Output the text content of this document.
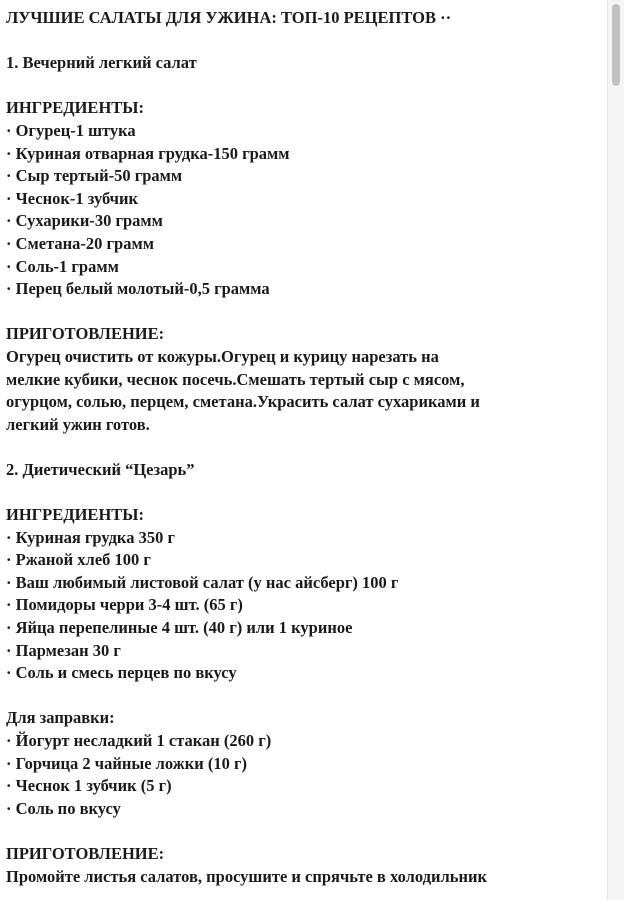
ЛУЧШИЕ САЛАТЫ ДЛЯ УЖИНА: ТОП-10 РЕЦЕПТОВ ··
1. Вечерний легкий салат
ИНГРЕДИЕНТЫ:
· Огурец-1 штука
· Куриная отварная грудка-150 грамм
· Сыр тертый-50 грамм
· Чеснок-1 зубчик
· Сухарики-30 грамм
· Сметана-20 грамм
· Соль-1 грамм
· Перец белый молотый-0,5 грамма
ПРИГОТОВЛЕНИЕ:
Огурец очистить от кожуры.Огурец и курицу нарезать на
мелкие кубики, чеснок посечь.Смешать тертый сыр с мясом,
огурцом, солью, перцем, сметана.Украсить салат сухариками и
легкий ужин готов.
2. Диетический “Цезарь”
ИНГРЕДИЕНТЫ:
· Куриная грудка 350 г
· Ржаной хлеб 100 г
· Ваш любимый листовой салат (у нас айсберг) 100 г
· Помидоры черри 3-4 шт. (65 г)
· Яйца перепелиные 4 шт. (40 г) или 1 куриное
· Пармезан 30 г
· Соль и смесь перцев по вкусу
Для заправки:
· Йогурт несладкий 1 стакан (260 г)
· Горчица 2 чайные ложки (10 г)
· Чеснок 1 зубчик (5 г)
· Соль по вкусу
ПРИГОТОВЛЕНИЕ:
Промойте листья салатов, просушите и спрячьте в холодильник
